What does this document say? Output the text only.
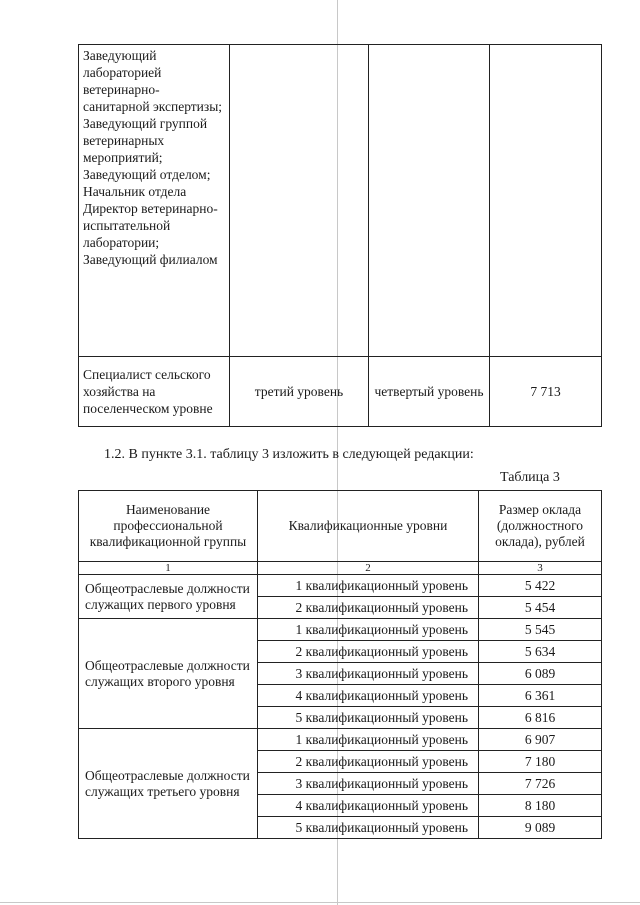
Заведующий лабораторией ветеринарно-санитарной экспертизы; Заведующий группой ветеринарных мероприятий; Заведующий отделом; Начальник отдела Директор ветеринарно-испытательной лаборатории; Заведующий филиалом			
Специалист сельского хозяйства на поселенческом уровне	третий уровень	четвертый уровень	7 713
1.2. В пункте 3.1. таблицу 3 изложить в следующей редакции:
Таблица 3
Наименование профессиональной квалификационной группы	Квалификационные уровни	Размер оклада (должностного оклада), рублей
1	2	3
Общеотраслевые должности служащих первого уровня	1 квалификационный уровень	5 422
	2 квалификационный уровень	5 454
Общеотраслевые должности служащих второго уровня	1 квалификационный уровень	5 545
	2 квалификационный уровень	5 634
	3 квалификационный уровень	6 089
	4 квалификационный уровень	6 361
	5 квалификационный уровень	6 816
Общеотраслевые должности служащих третьего уровня	1 квалификационный уровень	6 907
	2 квалификационный уровень	7 180
	3 квалификационный уровень	7 726
	4 квалификационный уровень	8 180
	5 квалификационный уровень	9 089
